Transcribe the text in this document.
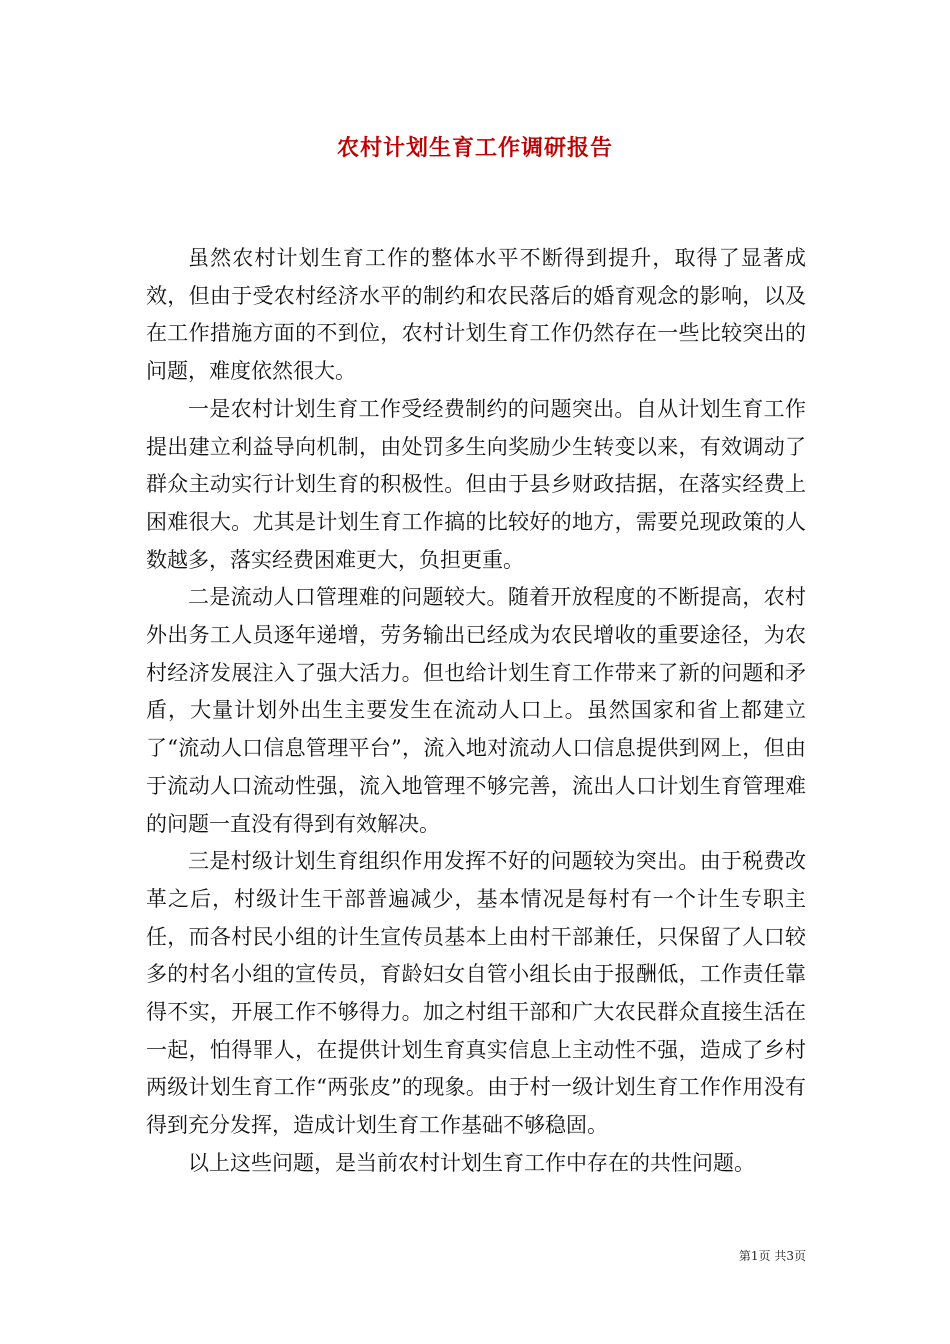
农村计划生育工作调研报告

虽然农村计划生育工作的整体水平不断得到提升，取得了显著成效，但由于受农村经济水平的制约和农民落后的婚育观念的影响，以及在工作措施方面的不到位，农村计划生育工作仍然存在一些比较突出的问题，难度依然很大。

一是农村计划生育工作受经费制约的问题突出。自从计划生育工作提出建立利益导向机制，由处罚多生向奖励少生转变以来，有效调动了群众主动实行计划生育的积极性。但由于县乡财政拮据，在落实经费上困难很大。尤其是计划生育工作搞的比较好的地方，需要兑现政策的人数越多，落实经费困难更大，负担更重。

二是流动人口管理难的问题较大。随着开放程度的不断提高，农村外出务工人员逐年递增，劳务输出已经成为农民增收的重要途径，为农村经济发展注入了强大活力。但也给计划生育工作带来了新的问题和矛盾，大量计划外出生主要发生在流动人口上。虽然国家和省上都建立了“流动人口信息管理平台”，流入地对流动人口信息提供到网上，但由于流动人口流动性强，流入地管理不够完善，流出人口计划生育管理难的问题一直没有得到有效解决。

三是村级计划生育组织作用发挥不好的问题较为突出。由于税费改革之后，村级计生干部普遍减少，基本情况是每村有一个计生专职主任，而各村民小组的计生宣传员基本上由村干部兼任，只保留了人口较多的村名小组的宣传员，育龄妇女自管小组长由于报酬低，工作责任靠得不实，开展工作不够得力。加之村组干部和广大农民群众直接生活在一起，怕得罪人，在提供计划生育真实信息上主动性不强，造成了乡村两级计划生育工作“两张皮”的现象。由于村一级计划生育工作作用没有得到充分发挥，造成计划生育工作基础不够稳固。

以上这些问题，是当前农村计划生育工作中存在的共性问题。

第1页 共3页
